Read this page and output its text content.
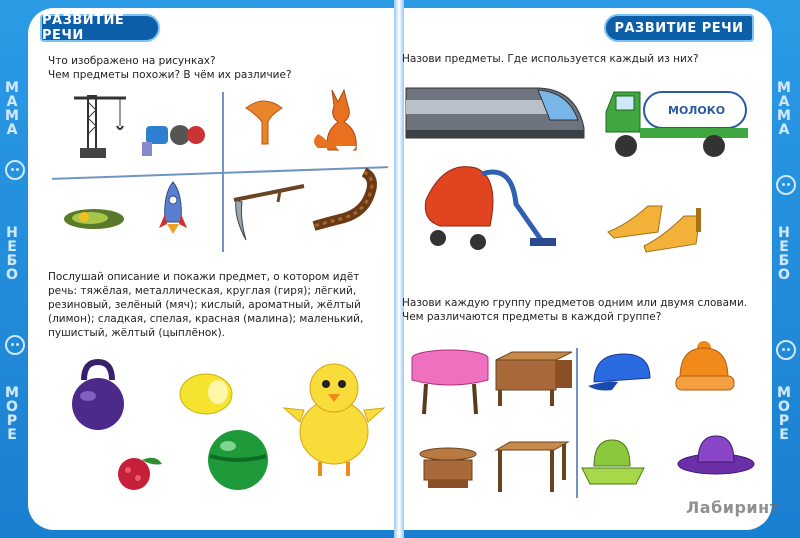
РАЗВИТИЕ РЕЧИ	РАЗВИТИЕ РЕЧИ
МАМА
НЕБО
МОРЕ
МАМА
НЕБО
МОРЕ
Что изображено на рисунках?
Чем предметы похожи? В чём их различие?
Послушай описание и покажи предмет, о котором идёт
речь: тяжёлая, металлическая, круглая (гиря); лёгкий,
резиновый, зелёный (мяч); кислый, ароматный, жёлтый
(лимон); сладкая, спелая, красная (малина); маленький,
пушистый, жёлтый (цыплёнок).
Назови предметы. Где используется каждый из них?
Назови каждую группу предметов одним или двумя словами.
Чем различаются предметы в каждой группе?
МОЛОКО
56
Лабиринт
